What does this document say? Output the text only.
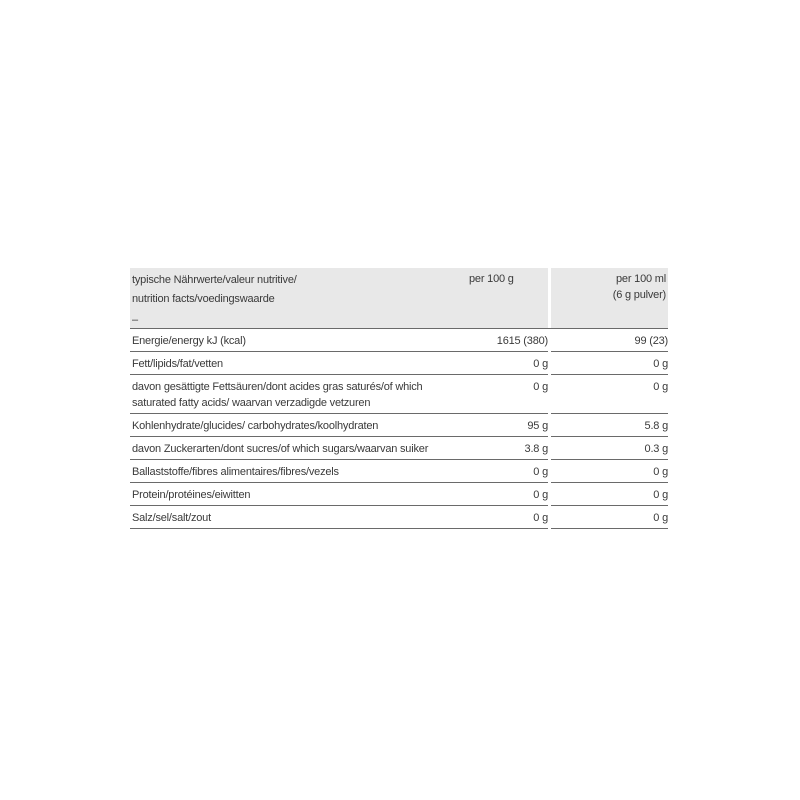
typische Nährwerte/valeur nutritive/
nutrition facts/voedingswaarde
–	per 100 g		per 100 ml
(6 g pulver)
Energie/energy kJ (kcal)	1615 (380)		99 (23)
Fett/lipids/fat/vetten	0 g		0 g
davon gesättigte Fettsäuren/dont acides gras saturés/of which saturated fatty acids/ waarvan verzadigde vetzuren	0 g		0 g
Kohlenhydrate/glucides/ carbohydrates/koolhydraten	95 g		5.8 g
davon Zuckerarten/dont sucres/of which sugars/waarvan suiker	3.8 g		0.3 g
Ballaststoffe/fibres alimentaires/fibres/vezels	0 g		0 g
Protein/protéines/eiwitten	0 g		0 g
Salz/sel/salt/zout	0 g		0 g
